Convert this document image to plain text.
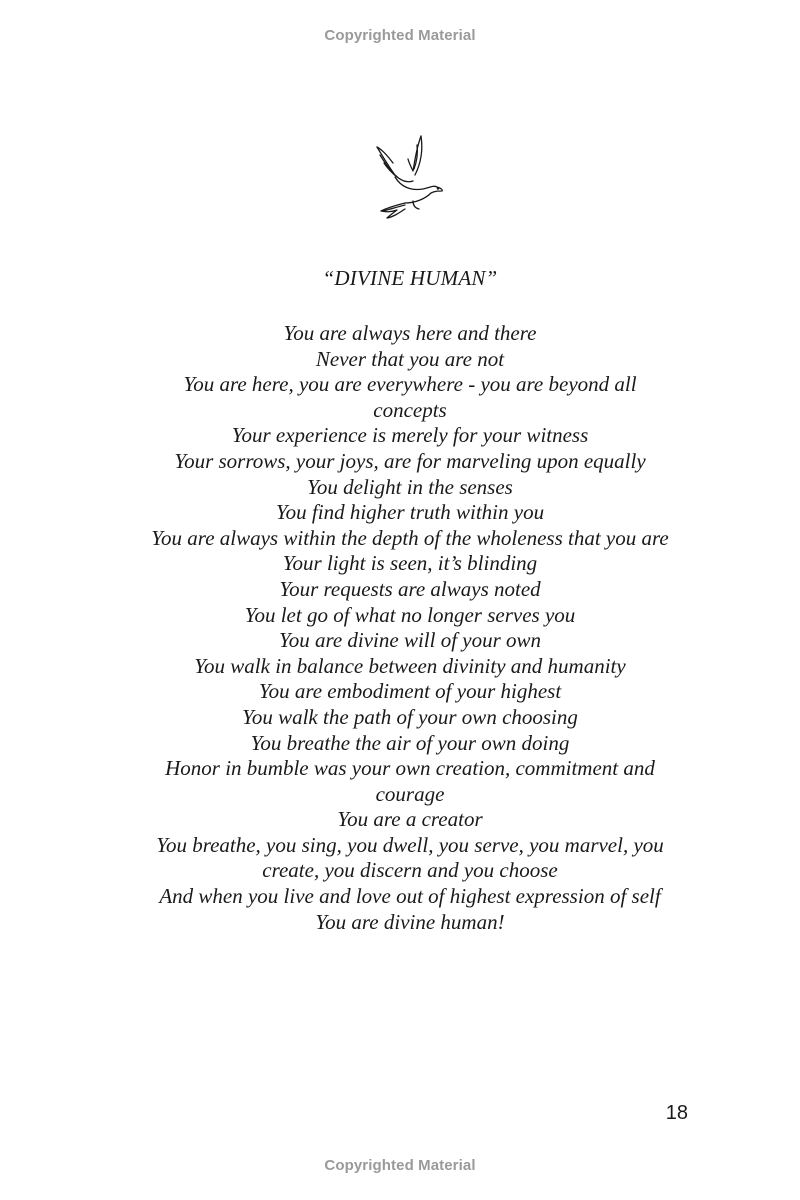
Copyrighted Material
“DIVINE HUMAN”
You are always here and there
Never that you are not
You are here, you are everywhere - you are beyond all
concepts
Your experience is merely for your witness
Your sorrows, your joys, are for marveling upon equally
You delight in the senses
You find higher truth within you
You are always within the depth of the wholeness that you are
Your light is seen, it’s blinding
Your requests are always noted
You let go of what no longer serves you
You are divine will of your own
You walk in balance between divinity and humanity
You are embodiment of your highest
You walk the path of your own choosing
You breathe the air of your own doing
Honor in bumble was your own creation, commitment and
courage
You are a creator
You breathe, you sing, you dwell, you serve, you marvel, you
create, you discern and you choose
And when you live and love out of highest expression of self
You are divine human!
18
Copyrighted Material
